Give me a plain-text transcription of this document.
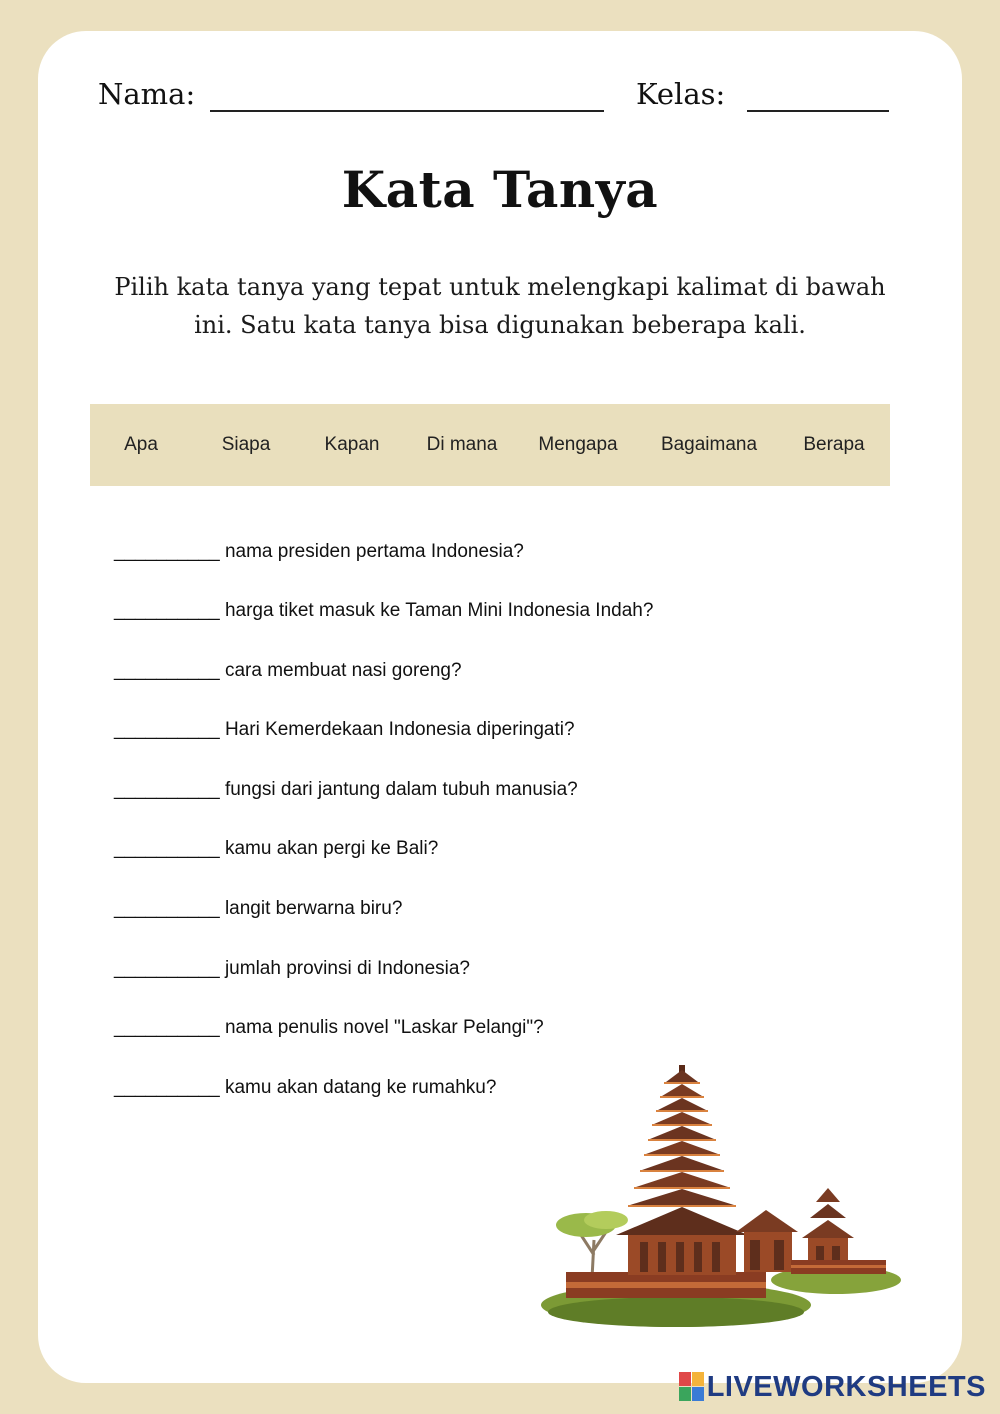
Nama:	Kelas:
Kata Tanya
Pilih kata tanya yang tepat untuk melengkapi kalimat di bawah ini. Satu kata tanya bisa digunakan beberapa kali.
Apa	Siapa	Kapan Di mana Mengapa Bagaimana Berapa
__________ nama presiden pertama Indonesia?
__________ harga tiket masuk ke Taman Mini Indonesia Indah?
__________ cara membuat nasi goreng?
__________ Hari Kemerdekaan Indonesia diperingati?
__________ fungsi dari jantung dalam tubuh manusia?
__________ kamu akan pergi ke Bali?
__________ langit berwarna biru?
__________ jumlah provinsi di Indonesia?
__________ nama penulis novel "Laskar Pelangi"?
__________ kamu akan datang ke rumahku?
LIVEWORKSHEETS
